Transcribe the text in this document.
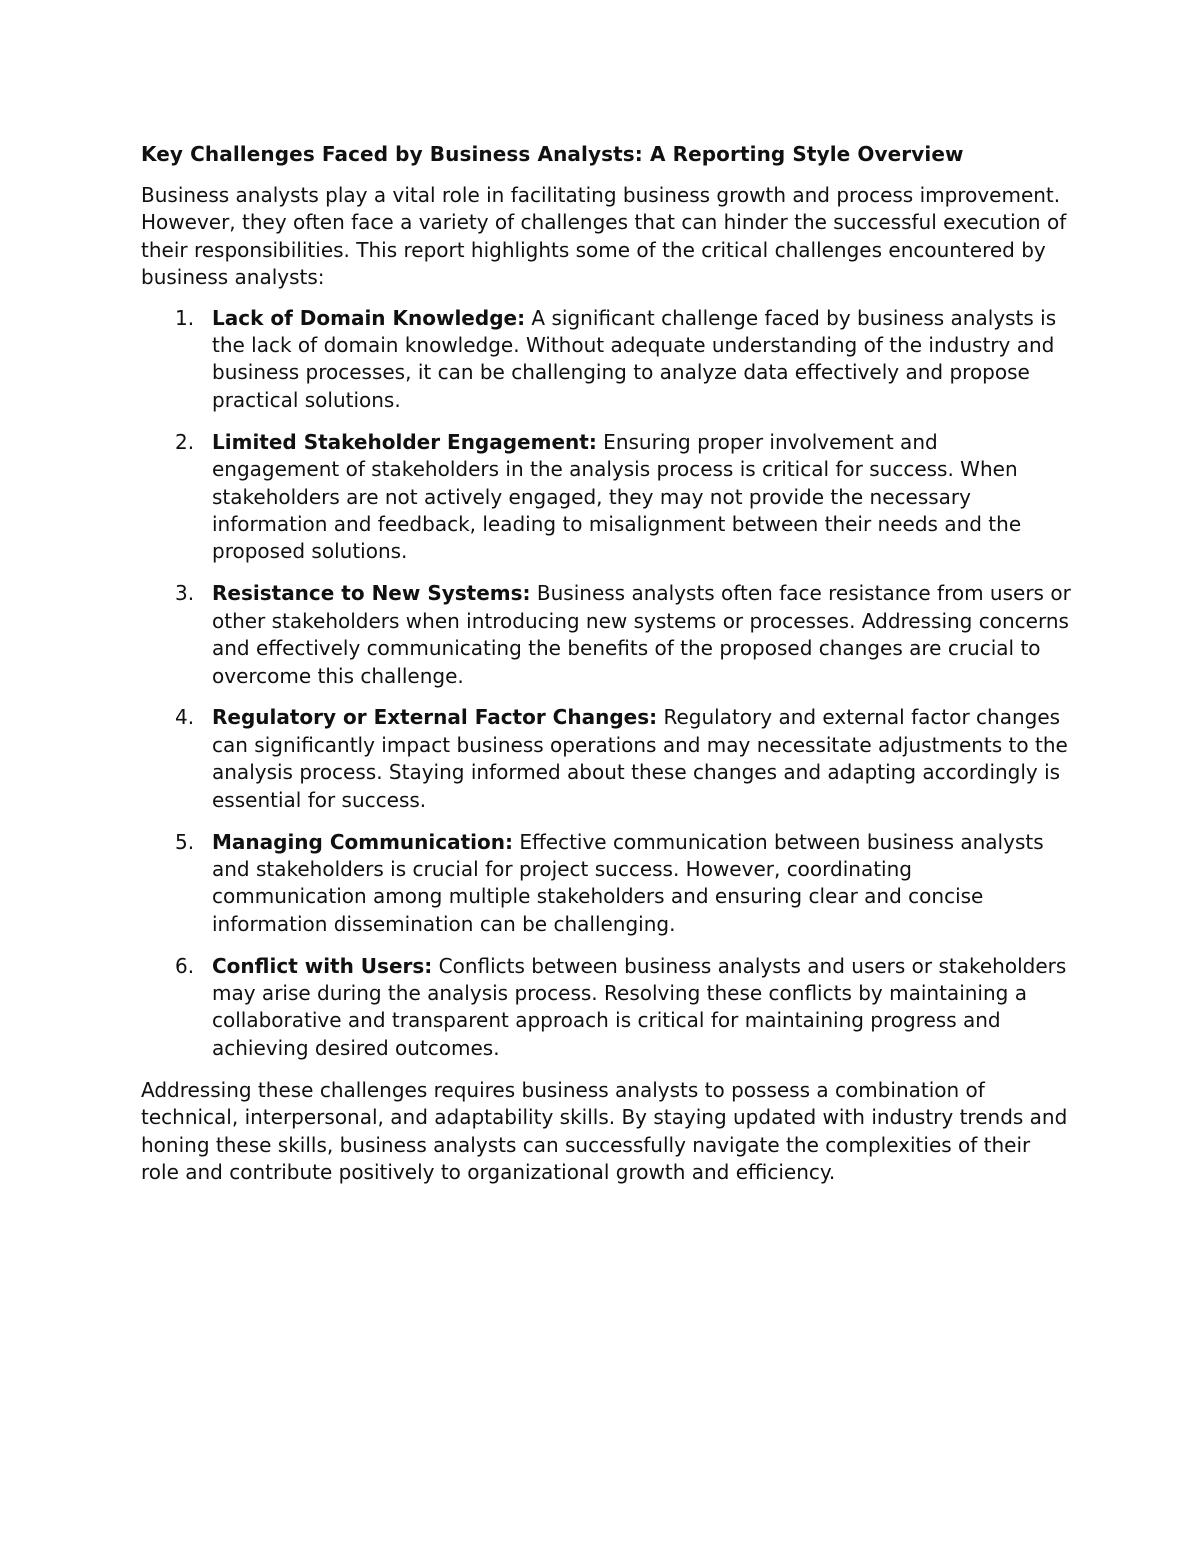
Key Challenges Faced by Business Analysts: A Reporting Style Overview

Business analysts play a vital role in facilitating business growth and process improvement. However, they often face a variety of challenges that can hinder the successful execution of their responsibilities. This report highlights some of the critical challenges encountered by business analysts:

1. Lack of Domain Knowledge: A significant challenge faced by business analysts is the lack of domain knowledge. Without adequate understanding of the industry and business processes, it can be challenging to analyze data effectively and propose practical solutions.
2. Limited Stakeholder Engagement: Ensuring proper involvement and engagement of stakeholders in the analysis process is critical for success. When stakeholders are not actively engaged, they may not provide the necessary information and feedback, leading to misalignment between their needs and the proposed solutions.
3. Resistance to New Systems: Business analysts often face resistance from users or other stakeholders when introducing new systems or processes. Addressing concerns and effectively communicating the benefits of the proposed changes are crucial to overcome this challenge.
4. Regulatory or External Factor Changes: Regulatory and external factor changes can significantly impact business operations and may necessitate adjustments to the analysis process. Staying informed about these changes and adapting accordingly is essential for success.
5. Managing Communication: Effective communication between business analysts and stakeholders is crucial for project success. However, coordinating communication among multiple stakeholders and ensuring clear and concise information dissemination can be challenging.
6. Conflict with Users: Conflicts between business analysts and users or stakeholders may arise during the analysis process. Resolving these conflicts by maintaining a collaborative and transparent approach is critical for maintaining progress and achieving desired outcomes.

Addressing these challenges requires business analysts to possess a combination of technical, interpersonal, and adaptability skills. By staying updated with industry trends and honing these skills, business analysts can successfully navigate the complexities of their role and contribute positively to organizational growth and efficiency.
